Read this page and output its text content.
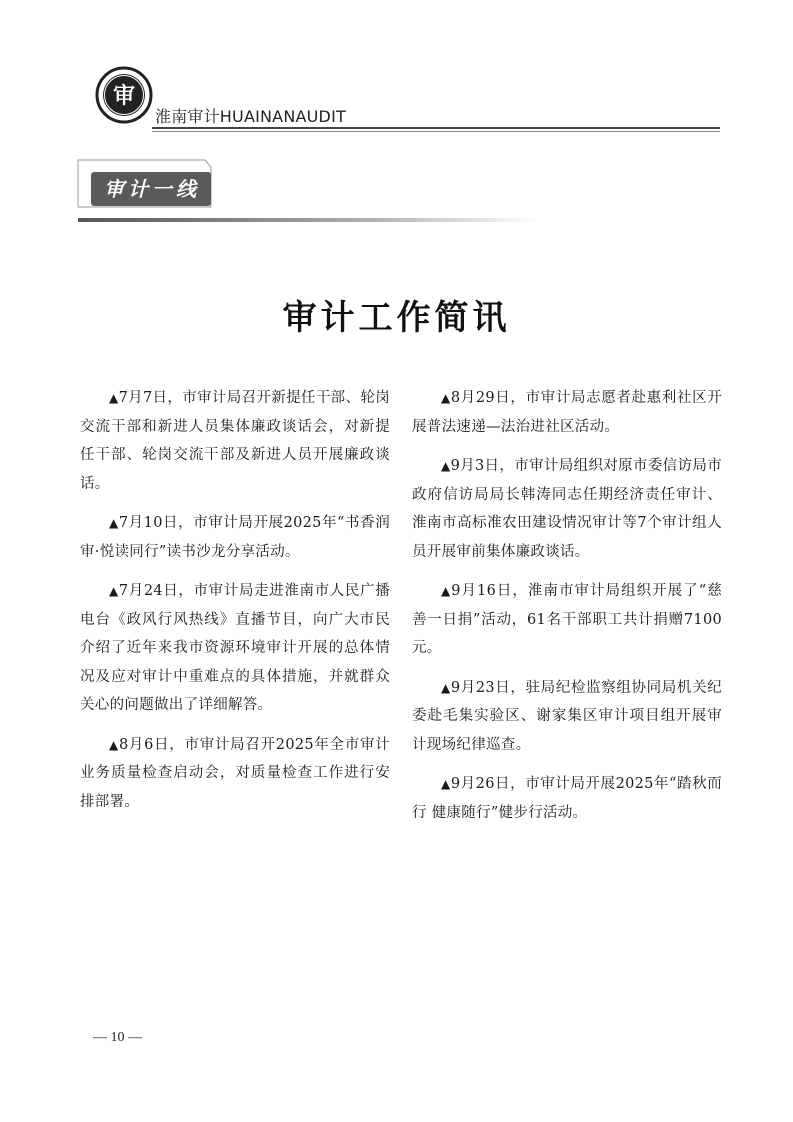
审
淮南审计HUAINANAUDIT
审计一线
审计工作简讯

▲7月7日，市审计局召开新提任干部、轮岗交流干部和新进人员集体廉政谈话会，对新提任干部、轮岗交流干部及新进人员开展廉政谈话。

▲7月10日，市审计局开展2025年“书香润审·悦读同行”读书沙龙分享活动。

▲7月24日，市审计局走进淮南市人民广播电台《政风行风热线》直播节目，向广大市民介绍了近年来我市资源环境审计开展的总体情况及应对审计中重难点的具体措施，并就群众关心的问题做出了详细解答。

▲8月6日，市审计局召开2025年全市审计业务质量检查启动会，对质量检查工作进行安排部署。

▲8月29日，市审计局志愿者赴惠利社区开展普法速递—法治进社区活动。

▲9月3日，市审计局组织对原市委信访局市政府信访局局长韩涛同志任期经济责任审计、淮南市高标准农田建设情况审计等7个审计组人员开展审前集体廉政谈话。

▲9月16日，淮南市审计局组织开展了“慈善一日捐”活动，61名干部职工共计捐赠7100元。

▲9月23日，驻局纪检监察组协同局机关纪委赴毛集实验区、谢家集区审计项目组开展审计现场纪律巡查。

▲9月26日，市审计局开展2025年“踏秋而行 健康随行”健步行活动。

— 10 —
